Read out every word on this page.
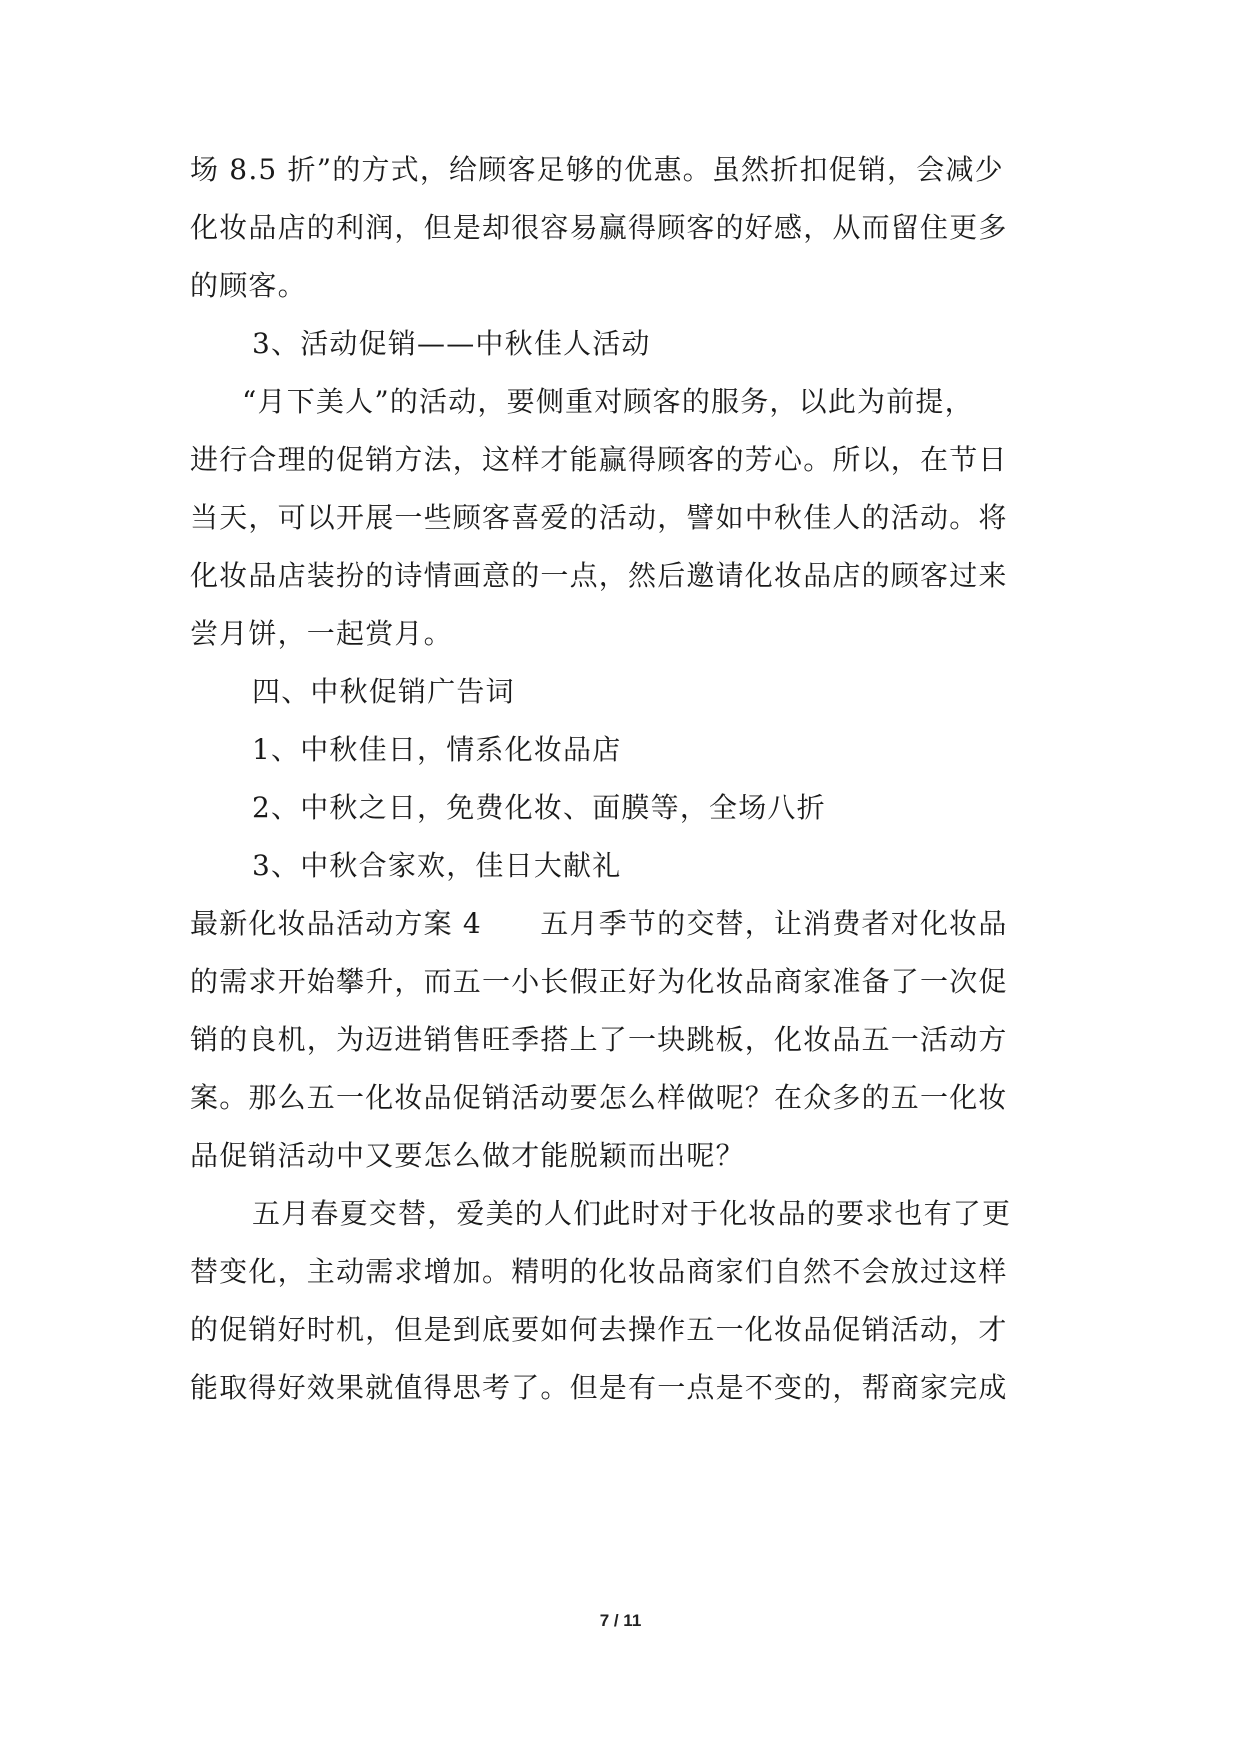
场 8.5 折”的方式，给顾客足够的优惠。虽然折扣促销，会减少
化妆品店的利润，但是却很容易赢得顾客的好感，从而留住更多
的顾客。
3、活动促销——中秋佳人活动
“月下美人”的活动，要侧重对顾客的服务，以此为前提，
进行合理的促销方法，这样才能赢得顾客的芳心。所以，在节日
当天，可以开展一些顾客喜爱的活动，譬如中秋佳人的活动。将
化妆品店装扮的诗情画意的一点，然后邀请化妆品店的顾客过来
尝月饼，一起赏月。
四、中秋促销广告词
1、中秋佳日，情系化妆品店
2、中秋之日，免费化妆、面膜等，全场八折
3、中秋合家欢，佳日大献礼
最新化妆品活动方案 4　　五月季节的交替，让消费者对化妆品
的需求开始攀升，而五一小长假正好为化妆品商家准备了一次促
销的良机，为迈进销售旺季搭上了一块跳板，化妆品五一活动方
案。那么五一化妆品促销活动要怎么样做呢？在众多的五一化妆
品促销活动中又要怎么做才能脱颖而出呢？
五月春夏交替，爱美的人们此时对于化妆品的要求也有了更
替变化，主动需求增加。精明的化妆品商家们自然不会放过这样
的促销好时机，但是到底要如何去操作五一化妆品促销活动，才
能取得好效果就值得思考了。但是有一点是不变的，帮商家完成
7 / 11
